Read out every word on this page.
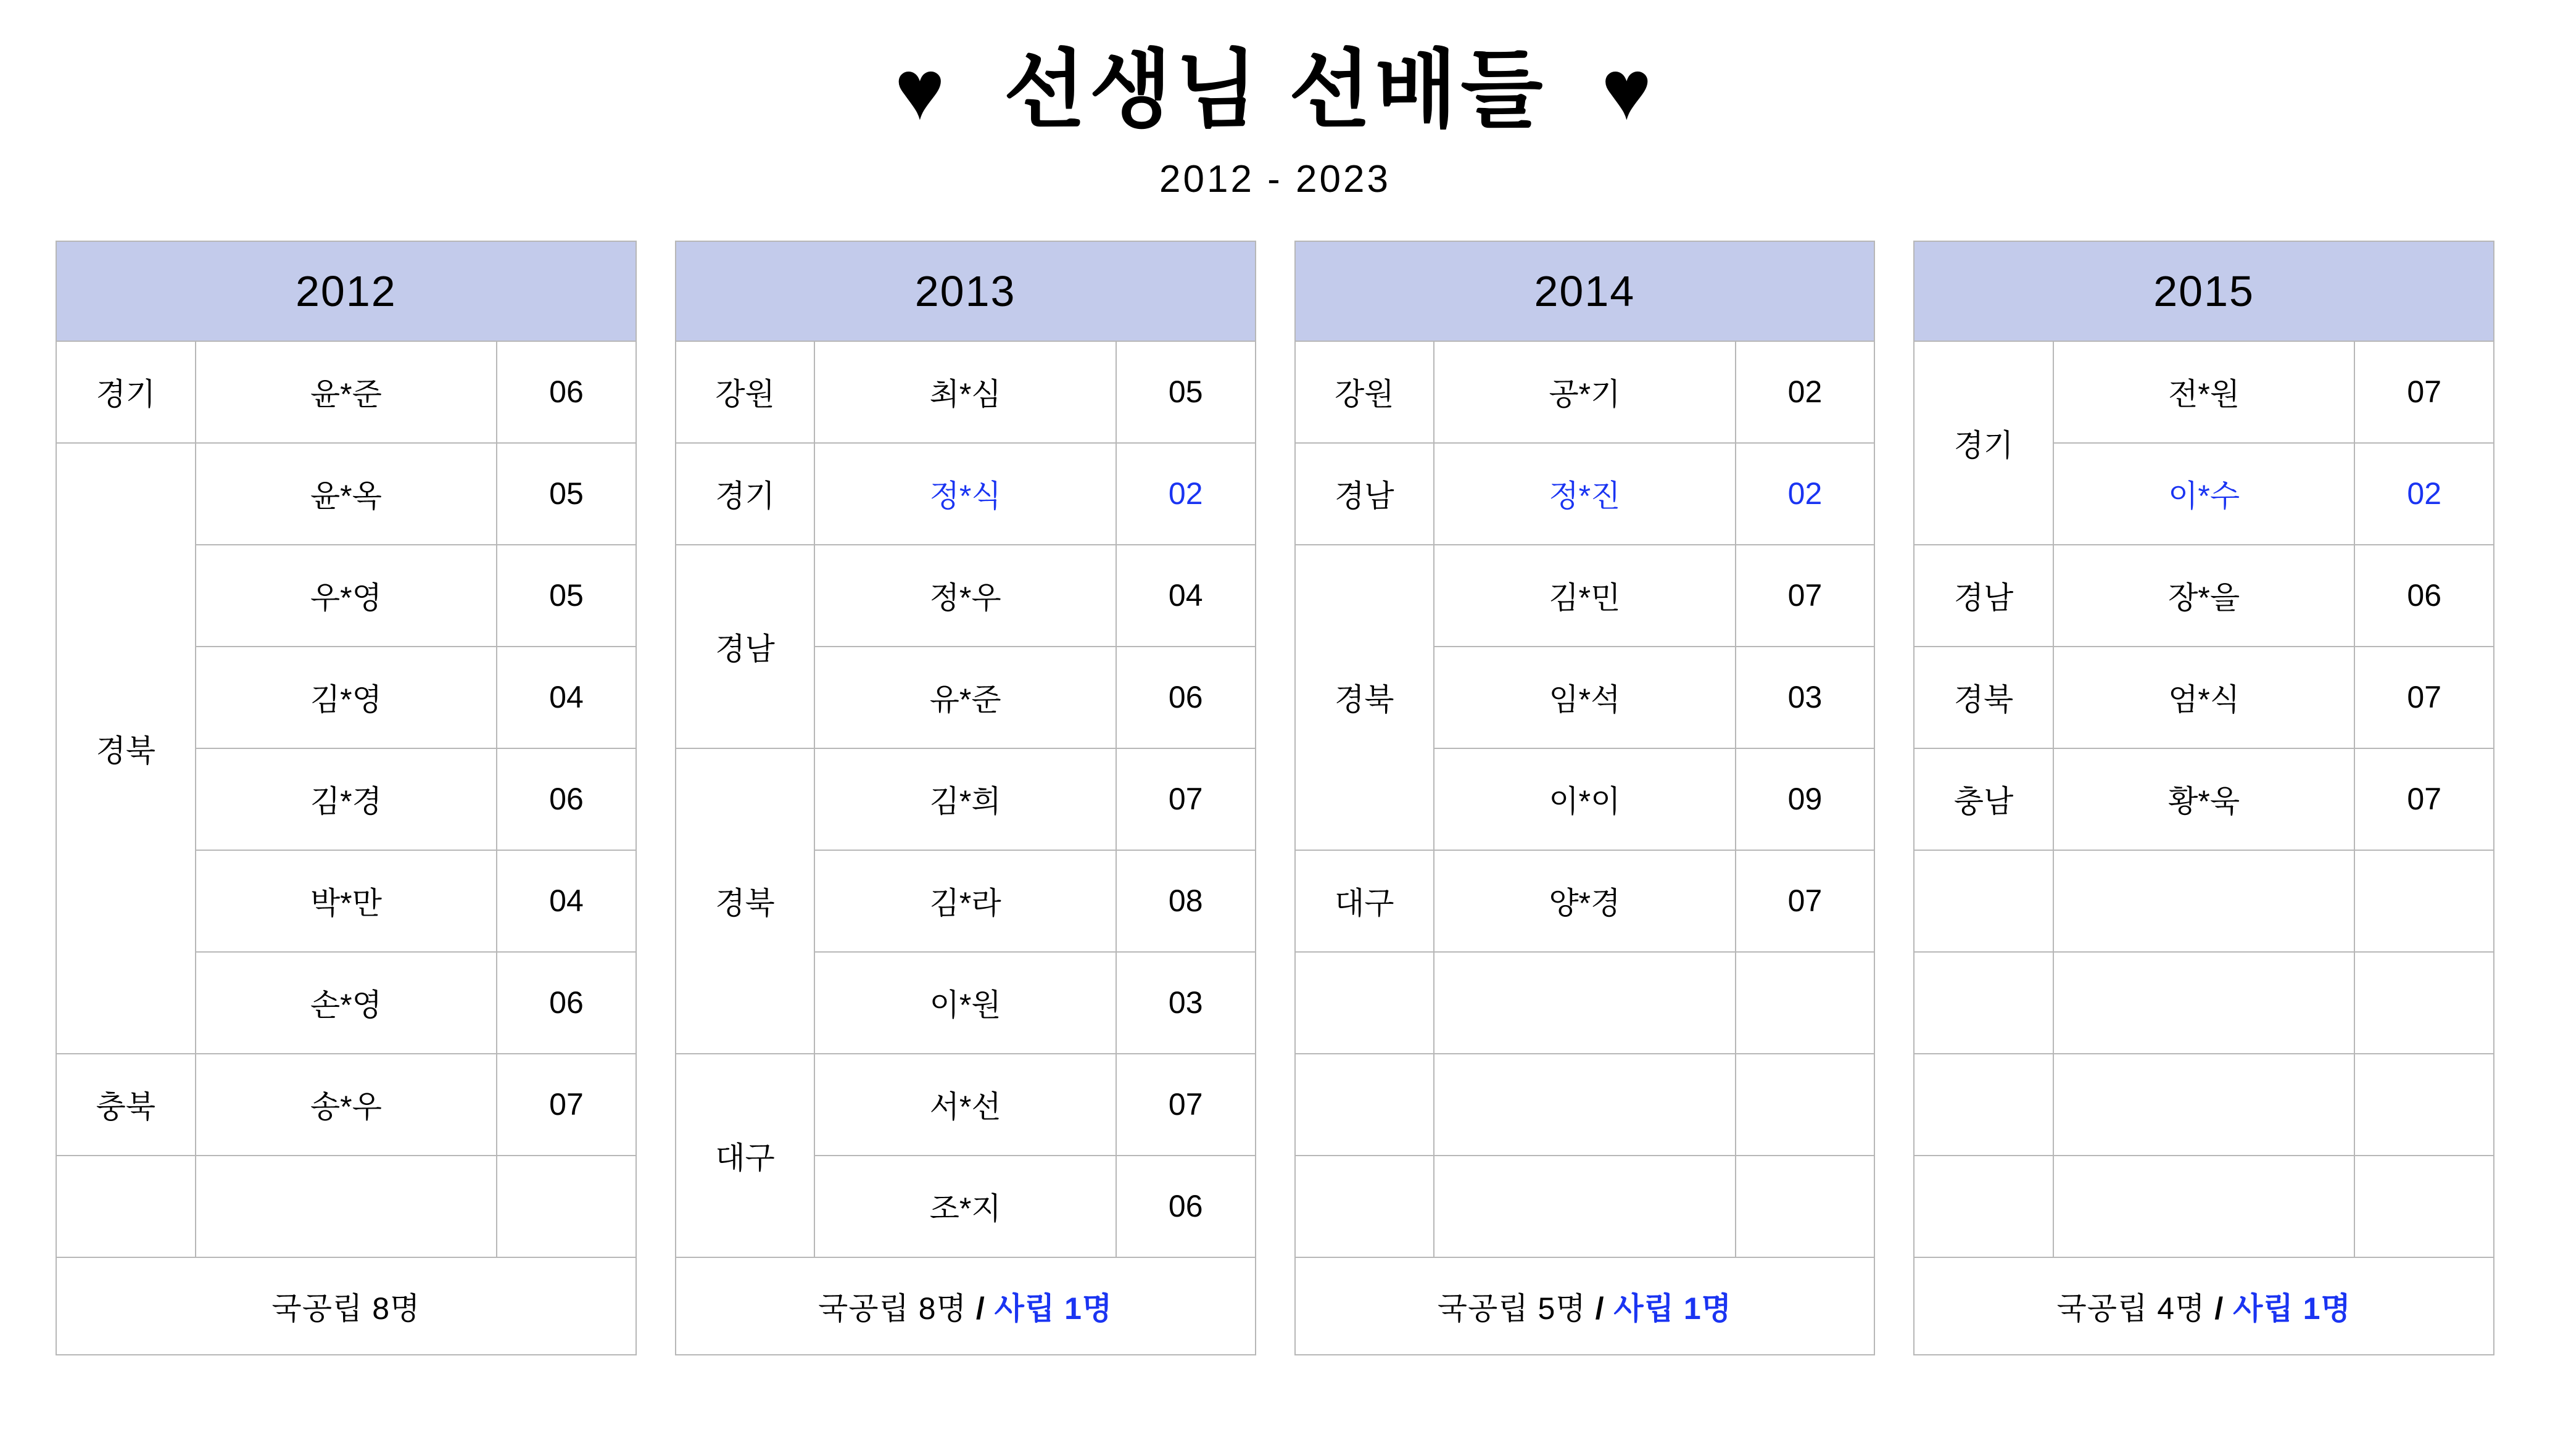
♥  선생님 선배들  ♥
2012 - 2023
2012		
경기	윤*준	06
경북	윤*옥	05
	우*영	05
	김*영	04
	김*경	06
	박*만	04
	손*영	06
충북	송*우	07

국공립 8명		
2013		
강원	최*심	05
경기	정*식	02
경남	정*우	04
	유*준	06
경북	김*희	07
	김*라	08
	이*원	03
대구	서*선	07
	조*지	06
국공립 8명 / 사립 1명		
2014		
강원	공*기	02
경남	정*진	02
경북	김*민	07
	임*석	03
	이*이	09
대구	양*경	07

국공립 5명 / 사립 1명		
2015		
경기	전*원	07
	이*수	02
경남	장*을	06
경북	엄*식	07
충남	황*욱	07

국공립 4명 / 사립 1명		
